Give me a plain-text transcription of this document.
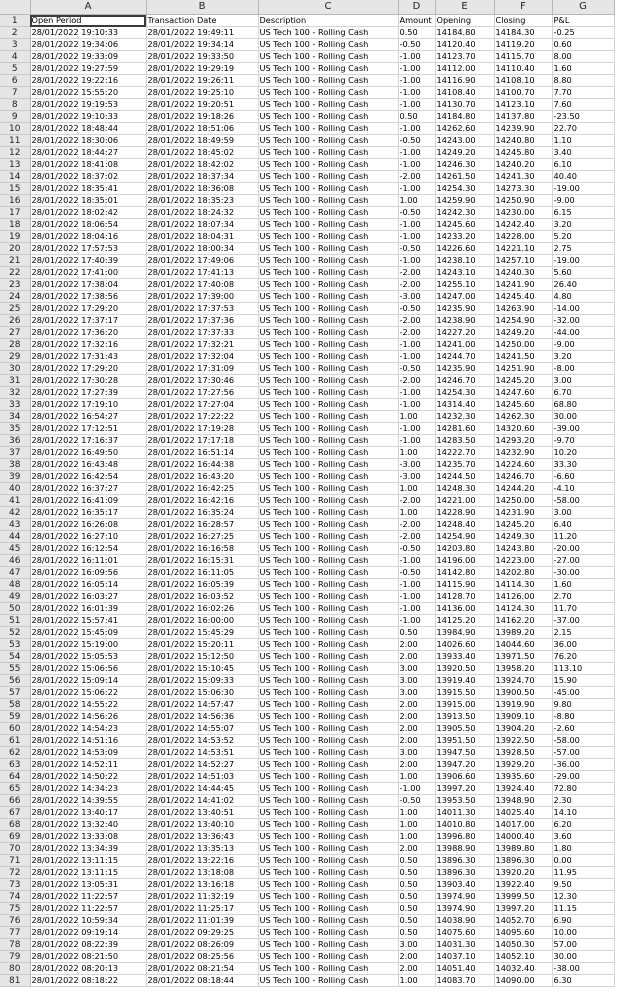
	A	B	C	D	E	F	G
1	Open Period	Transaction Date	Description	Amount	Opening	Closing	P&L
2	28/01/2022 19:10:33	28/01/2022 19:49:11	US Tech 100 - Rolling Cash	0.50	14184.80	14184.30	-0.25
3	28/01/2022 19:34:06	28/01/2022 19:34:14	US Tech 100 - Rolling Cash	-0.50	14120.40	14119.20	0.60
4	28/01/2022 19:33:09	28/01/2022 19:33:50	US Tech 100 - Rolling Cash	-1.00	14123.70	14115.70	8.00
5	28/01/2022 19:27:59	28/01/2022 19:29:19	US Tech 100 - Rolling Cash	-1.00	14112.00	14110.40	1.60
6	28/01/2022 19:22:16	28/01/2022 19:26:11	US Tech 100 - Rolling Cash	-1.00	14116.90	14108.10	8.80
7	28/01/2022 15:55:20	28/01/2022 19:25:10	US Tech 100 - Rolling Cash	-1.00	14108.40	14100.70	7.70
8	28/01/2022 19:19:53	28/01/2022 19:20:51	US Tech 100 - Rolling Cash	-1.00	14130.70	14123.10	7.60
9	28/01/2022 19:10:33	28/01/2022 19:18:26	US Tech 100 - Rolling Cash	0.50	14184.80	14137.80	-23.50
10	28/01/2022 18:48:44	28/01/2022 18:51:06	US Tech 100 - Rolling Cash	-1.00	14262.60	14239.90	22.70
11	28/01/2022 18:30:06	28/01/2022 18:49:59	US Tech 100 - Rolling Cash	-0.50	14243.00	14240.80	1.10
12	28/01/2022 18:44:27	28/01/2022 18:45:02	US Tech 100 - Rolling Cash	-1.00	14249.20	14245.80	3.40
13	28/01/2022 18:41:08	28/01/2022 18:42:02	US Tech 100 - Rolling Cash	-1.00	14246.30	14240.20	6.10
14	28/01/2022 18:37:02	28/01/2022 18:37:34	US Tech 100 - Rolling Cash	-2.00	14261.50	14241.30	40.40
15	28/01/2022 18:35:41	28/01/2022 18:36:08	US Tech 100 - Rolling Cash	-1.00	14254.30	14273.30	-19.00
16	28/01/2022 18:35:01	28/01/2022 18:35:23	US Tech 100 - Rolling Cash	1.00	14259.90	14250.90	-9.00
17	28/01/2022 18:02:42	28/01/2022 18:24:32	US Tech 100 - Rolling Cash	-0.50	14242.30	14230.00	6.15
18	28/01/2022 18:06:54	28/01/2022 18:07:34	US Tech 100 - Rolling Cash	-1.00	14245.60	14242.40	3.20
19	28/01/2022 18:04:16	28/01/2022 18:04:31	US Tech 100 - Rolling Cash	-1.00	14233.20	14228.00	5.20
20	28/01/2022 17:57:53	28/01/2022 18:00:34	US Tech 100 - Rolling Cash	-0.50	14226.60	14221.10	2.75
21	28/01/2022 17:40:39	28/01/2022 17:49:06	US Tech 100 - Rolling Cash	-1.00	14238.10	14257.10	-19.00
22	28/01/2022 17:41:00	28/01/2022 17:41:13	US Tech 100 - Rolling Cash	-2.00	14243.10	14240.30	5.60
23	28/01/2022 17:38:04	28/01/2022 17:40:08	US Tech 100 - Rolling Cash	-2.00	14255.10	14241.90	26.40
24	28/01/2022 17:38:56	28/01/2022 17:39:00	US Tech 100 - Rolling Cash	-3.00	14247.00	14245.40	4.80
25	28/01/2022 17:29:20	28/01/2022 17:37:53	US Tech 100 - Rolling Cash	-0.50	14235.90	14263.90	-14.00
26	28/01/2022 17:37:17	28/01/2022 17:37:36	US Tech 100 - Rolling Cash	-2.00	14238.90	14254.90	-32.00
27	28/01/2022 17:36:20	28/01/2022 17:37:33	US Tech 100 - Rolling Cash	-2.00	14227.20	14249.20	-44.00
28	28/01/2022 17:32:16	28/01/2022 17:32:21	US Tech 100 - Rolling Cash	-1.00	14241.00	14250.00	-9.00
29	28/01/2022 17:31:43	28/01/2022 17:32:04	US Tech 100 - Rolling Cash	-1.00	14244.70	14241.50	3.20
30	28/01/2022 17:29:20	28/01/2022 17:31:09	US Tech 100 - Rolling Cash	-0.50	14235.90	14251.90	-8.00
31	28/01/2022 17:30:28	28/01/2022 17:30:46	US Tech 100 - Rolling Cash	-2.00	14246.70	14245.20	3.00
32	28/01/2022 17:27:39	28/01/2022 17:27:56	US Tech 100 - Rolling Cash	-1.00	14254.30	14247.60	6.70
33	28/01/2022 17:19:10	28/01/2022 17:27:04	US Tech 100 - Rolling Cash	-1.00	14314.40	14245.60	68.80
34	28/01/2022 16:54:27	28/01/2022 17:22:22	US Tech 100 - Rolling Cash	1.00	14232.30	14262.30	30.00
35	28/01/2022 17:12:51	28/01/2022 17:19:28	US Tech 100 - Rolling Cash	-1.00	14281.60	14320.60	-39.00
36	28/01/2022 17:16:37	28/01/2022 17:17:18	US Tech 100 - Rolling Cash	-1.00	14283.50	14293.20	-9.70
37	28/01/2022 16:49:50	28/01/2022 16:51:14	US Tech 100 - Rolling Cash	1.00	14222.70	14232.90	10.20
38	28/01/2022 16:43:48	28/01/2022 16:44:38	US Tech 100 - Rolling Cash	-3.00	14235.70	14224.60	33.30
39	28/01/2022 16:42:54	28/01/2022 16:43:20	US Tech 100 - Rolling Cash	-3.00	14244.50	14246.70	-6.60
40	28/01/2022 16:37:27	28/01/2022 16:42:25	US Tech 100 - Rolling Cash	1.00	14248.30	14244.20	-4.10
41	28/01/2022 16:41:09	28/01/2022 16:42:16	US Tech 100 - Rolling Cash	-2.00	14221.00	14250.00	-58.00
42	28/01/2022 16:35:17	28/01/2022 16:35:24	US Tech 100 - Rolling Cash	1.00	14228.90	14231.90	3.00
43	28/01/2022 16:26:08	28/01/2022 16:28:57	US Tech 100 - Rolling Cash	-2.00	14248.40	14245.20	6.40
44	28/01/2022 16:27:10	28/01/2022 16:27:25	US Tech 100 - Rolling Cash	-2.00	14254.90	14249.30	11.20
45	28/01/2022 16:12:54	28/01/2022 16:16:58	US Tech 100 - Rolling Cash	-0.50	14203.80	14243.80	-20.00
46	28/01/2022 16:11:01	28/01/2022 16:15:31	US Tech 100 - Rolling Cash	-1.00	14196.00	14223.00	-27.00
47	28/01/2022 16:09:56	28/01/2022 16:11:05	US Tech 100 - Rolling Cash	-0.50	14142.80	14202.80	-30.00
48	28/01/2022 16:05:14	28/01/2022 16:05:39	US Tech 100 - Rolling Cash	-1.00	14115.90	14114.30	1.60
49	28/01/2022 16:03:27	28/01/2022 16:03:52	US Tech 100 - Rolling Cash	-1.00	14128.70	14126.00	2.70
50	28/01/2022 16:01:39	28/01/2022 16:02:26	US Tech 100 - Rolling Cash	-1.00	14136.00	14124.30	11.70
51	28/01/2022 15:57:41	28/01/2022 16:00:00	US Tech 100 - Rolling Cash	-1.00	14125.20	14162.20	-37.00
52	28/01/2022 15:45:09	28/01/2022 15:45:29	US Tech 100 - Rolling Cash	0.50	13984.90	13989.20	2.15
53	28/01/2022 15:19:00	28/01/2022 15:20:11	US Tech 100 - Rolling Cash	2.00	14026.60	14044.60	36.00
54	28/01/2022 15:05:53	28/01/2022 15:12:50	US Tech 100 - Rolling Cash	2.00	13933.40	13971.50	76.20
55	28/01/2022 15:06:56	28/01/2022 15:10:45	US Tech 100 - Rolling Cash	3.00	13920.50	13958.20	113.10
56	28/01/2022 15:09:14	28/01/2022 15:09:33	US Tech 100 - Rolling Cash	3.00	13919.40	13924.70	15.90
57	28/01/2022 15:06:22	28/01/2022 15:06:30	US Tech 100 - Rolling Cash	3.00	13915.50	13900.50	-45.00
58	28/01/2022 14:55:22	28/01/2022 14:57:47	US Tech 100 - Rolling Cash	2.00	13915.00	13919.90	9.80
59	28/01/2022 14:56:26	28/01/2022 14:56:36	US Tech 100 - Rolling Cash	2.00	13913.50	13909.10	-8.80
60	28/01/2022 14:54:23	28/01/2022 14:55:07	US Tech 100 - Rolling Cash	2.00	13905.50	13904.20	-2.60
61	28/01/2022 14:51:16	28/01/2022 14:53:52	US Tech 100 - Rolling Cash	2.00	13951.50	13922.50	-58.00
62	28/01/2022 14:53:09	28/01/2022 14:53:51	US Tech 100 - Rolling Cash	3.00	13947.50	13928.50	-57.00
63	28/01/2022 14:52:11	28/01/2022 14:52:27	US Tech 100 - Rolling Cash	2.00	13947.20	13929.20	-36.00
64	28/01/2022 14:50:22	28/01/2022 14:51:03	US Tech 100 - Rolling Cash	1.00	13906.60	13935.60	-29.00
65	28/01/2022 14:34:23	28/01/2022 14:44:45	US Tech 100 - Rolling Cash	-1.00	13997.20	13924.40	72.80
66	28/01/2022 14:39:55	28/01/2022 14:41:02	US Tech 100 - Rolling Cash	-0.50	13953.50	13948.90	2.30
67	28/01/2022 13:40:17	28/01/2022 13:40:51	US Tech 100 - Rolling Cash	1.00	14011.30	14025.40	14.10
68	28/01/2022 13:32:40	28/01/2022 13:40:10	US Tech 100 - Rolling Cash	1.00	14010.80	14017.00	6.20
69	28/01/2022 13:33:08	28/01/2022 13:36:43	US Tech 100 - Rolling Cash	1.00	13996.80	14000.40	3.60
70	28/01/2022 13:34:39	28/01/2022 13:35:13	US Tech 100 - Rolling Cash	2.00	13988.90	13989.80	1.80
71	28/01/2022 13:11:15	28/01/2022 13:22:16	US Tech 100 - Rolling Cash	0.50	13896.30	13896.30	0.00
72	28/01/2022 13:11:15	28/01/2022 13:18:08	US Tech 100 - Rolling Cash	0.50	13896.30	13920.20	11.95
73	28/01/2022 13:05:31	28/01/2022 13:16:18	US Tech 100 - Rolling Cash	0.50	13903.40	13922.40	9.50
74	28/01/2022 11:22:57	28/01/2022 11:32:19	US Tech 100 - Rolling Cash	0.50	13974.90	13999.50	12.30
75	28/01/2022 11:22:57	28/01/2022 11:25:17	US Tech 100 - Rolling Cash	0.50	13974.90	13997.20	11.15
76	28/01/2022 10:59:34	28/01/2022 11:01:39	US Tech 100 - Rolling Cash	0.50	14038.90	14052.70	6.90
77	28/01/2022 09:19:14	28/01/2022 09:29:25	US Tech 100 - Rolling Cash	0.50	14075.60	14095.60	10.00
78	28/01/2022 08:22:39	28/01/2022 08:26:09	US Tech 100 - Rolling Cash	3.00	14031.30	14050.30	57.00
79	28/01/2022 08:21:50	28/01/2022 08:25:56	US Tech 100 - Rolling Cash	2.00	14037.10	14052.10	30.00
80	28/01/2022 08:20:13	28/01/2022 08:21:54	US Tech 100 - Rolling Cash	2.00	14051.40	14032.40	-38.00
81	28/01/2022 08:18:22	28/01/2022 08:18:44	US Tech 100 - Rolling Cash	1.00	14083.70	14090.00	6.30
